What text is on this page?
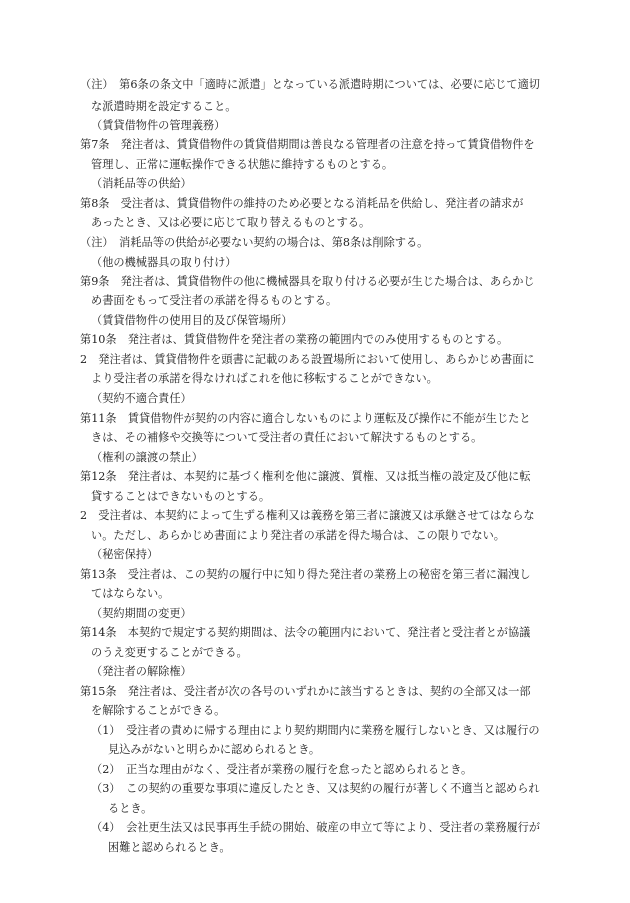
（注）　第6条の条文中「適時に派遣」となっている派遣時期については、必要に応じて適切
な派遣時期を設定すること。
（賃貸借物件の管理義務）
第7条　発注者は、賃貸借物件の賃貸借期間は善良なる管理者の注意を持って賃貸借物件を
管理し、正常に運転操作できる状態に維持するものとする。
（消耗品等の供給）
第8条　受注者は、賃貸借物件の維持のため必要となる消耗品を供給し、発注者の請求が
あったとき、又は必要に応じて取り替えるものとする。
（注）　消耗品等の供給が必要ない契約の場合は、第8条は削除する。
（他の機械器具の取り付け）
第9条　発注者は、賃貸借物件の他に機械器具を取り付ける必要が生じた場合は、あらかじ
め書面をもって受注者の承諾を得るものとする。
（賃貸借物件の使用目的及び保管場所）
第10条　発注者は、賃貸借物件を発注者の業務の範囲内でのみ使用するものとする。
2　発注者は、賃貸借物件を頭書に記載のある設置場所において使用し、あらかじめ書面に
より受注者の承諾を得なければこれを他に移転することができない。
（契約不適合責任）
第11条　賃貸借物件が契約の内容に適合しないものにより運転及び操作に不能が生じたと
きは、その補修や交換等について受注者の責任において解決するものとする。
（権利の譲渡の禁止）
第12条　発注者は、本契約に基づく権利を他に譲渡、質権、又は抵当権の設定及び他に転
貸することはできないものとする。
2　受注者は、本契約によって生ずる権利又は義務を第三者に譲渡又は承継させてはならな
い。ただし、あらかじめ書面により発注者の承諾を得た場合は、この限りでない。
（秘密保持）
第13条　受注者は、この契約の履行中に知り得た発注者の業務上の秘密を第三者に漏洩し
てはならない。
（契約期間の変更）
第14条　本契約で規定する契約期間は、法令の範囲内において、発注者と受注者とが協議
のうえ変更することができる。
（発注者の解除権）
第15条　発注者は、受注者が次の各号のいずれかに該当するときは、契約の全部又は一部
を解除することができる。
（1）　受注者の責めに帰する理由により契約期間内に業務を履行しないとき、又は履行の
見込みがないと明らかに認められるとき。
（2）　正当な理由がなく、受注者が業務の履行を怠ったと認められるとき。
（3）　この契約の重要な事項に違反したとき、又は契約の履行が著しく不適当と認められ
るとき。
（4）　会社更生法又は民事再生手続の開始、破産の申立て等により、受注者の業務履行が
困難と認められるとき。
